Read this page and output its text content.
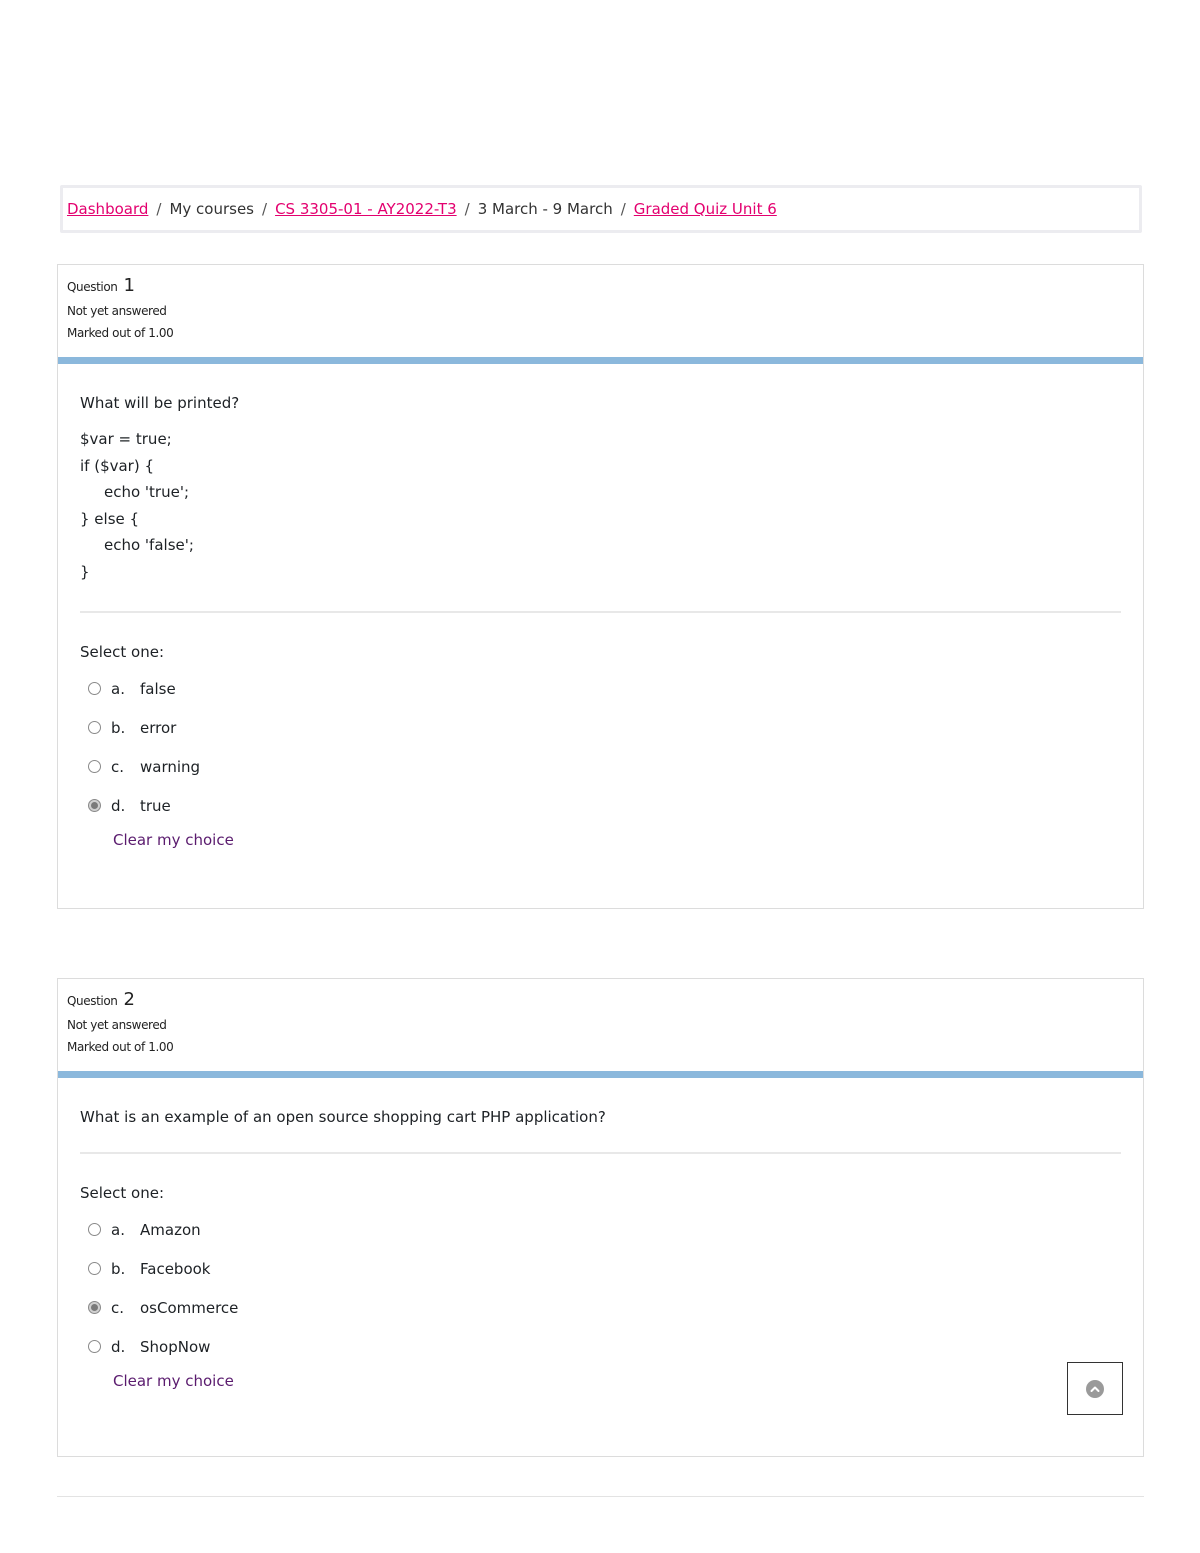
Dashboard / My courses / CS 3305-01 - AY2022-T3 / 3 March - 9 March / Graded Quiz Unit 6
Question 1
Not yet answered
Marked out of 1.00
What will be printed?
$var = true;
if ($var) {
echo 'true';
} else {
echo 'false';
}
Select one:
a.	false
b. error
c.	warning
d. true
Clear my choice
Question 2
Not yet answered
Marked out of 1.00
What is an example of an open source shopping cart PHP application?
Select one:
a.	Amazon
b. Facebook
c.	osCommerce
d. ShopNow
Clear my choice
